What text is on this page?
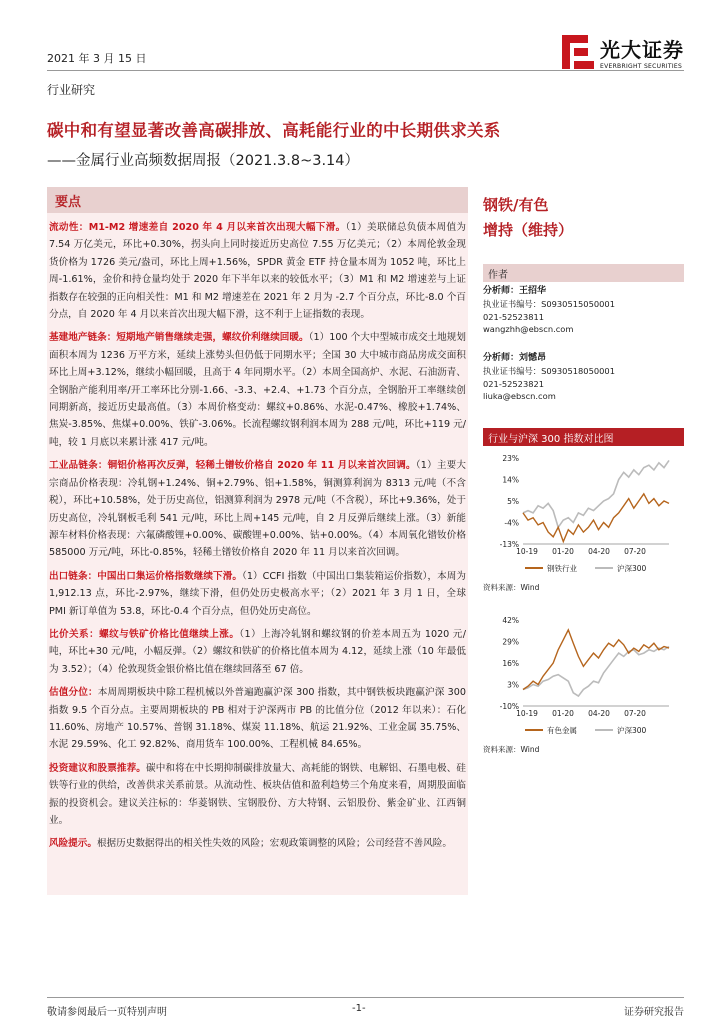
2021 年 3 月 15 日	光大证券
EVERBRIGHT SECURITIES
行业研究
碳中和有望显著改善高碳排放、高耗能行业的中长期供求关系
——金属行业高频数据周报（2021.3.8~3.14）
要点

流动性：M1-M2 增速差自 2020 年 4 月以来首次出现大幅下滑。（1）美联储总负债本周值为 7.54 万亿美元，环比+0.30%，拐头向上同时接近历史高位 7.55 万亿美元；（2）本周伦敦金现货价格为 1726 美元/盎司，环比上周+1.56%，SPDR 黄金 ETF 持仓量本周为 1052 吨，环比上周-1.61%，金价和持仓量均处于 2020 年下半年以来的较低水平；（3）M1 和 M2 增速差与上证指数存在较强的正向相关性：M1 和 M2 增速差在 2021 年 2 月为 -2.7 个百分点，环比-8.0 个百分点，自 2020 年 4 月以来首次出现大幅下滑，这不利于上证指数的表现。

基建地产链条：短期地产销售继续走强，螺纹价利继续回暖。（1）100 个大中型城市成交土地规划面积本周为 1236 万平方米，延续上涨势头但仍低于同期水平；全国 30 大中城市商品房成交面积环比上周+3.12%，继续小幅回暖，且高于 4 年同期水平。（2）本周全国高炉、水泥、石油沥青、全钢胎产能利用率/开工率环比分别-1.66、-3.3、+2.4、+1.73 个百分点，全钢胎开工率继续创同期新高，接近历史最高值。（3）本周价格变动：螺纹+0.86%、水泥-0.47%、橡胶+1.74%、焦炭-3.85%、焦煤+0.00%、铁矿-3.06%。长流程螺纹钢利润本周为 288 元/吨，环比+119 元/吨，较 1 月底以来累计涨 417 元/吨。

工业品链条：铜铝价格再次反弹，轻稀土镨钕价格自 2020 年 11 月以来首次回调。（1）主要大宗商品价格表现：冷轧钢+1.24%、铜+2.79%、铝+1.58%，铜测算利润为 8313 元/吨（不含税），环比+10.58%，处于历史高位，铝测算利润为 2978 元/吨（不含税），环比+9.36%，处于历史高位，冷轧钢板毛利 541 元/吨，环比上周+145 元/吨，自 2 月反弹后继续上涨。（3）新能源车材料价格表现：六氟磷酸锂+0.00%、碳酸锂+0.00%、钴+0.00%。（4）本周氧化镨钕价格 585000 万元/吨，环比-0.85%，轻稀土镨钕价格自 2020 年 11 月以来首次回调。

出口链条：中国出口集运价格指数继续下滑。（1）CCFI 指数（中国出口集装箱运价指数），本周为 1,912.13 点，环比-2.97%，继续下滑，但仍处历史极高水平；（2）2021 年 3 月 1 日，全球 PMI 新订单值为 53.8，环比-0.4 个百分点，但仍处历史高位。

比价关系：螺纹与铁矿价格比值继续上涨。（1）上海冷轧钢和螺纹钢的价差本周五为 1020 元/吨，环比+30 元/吨，小幅反弹。（2）螺纹和铁矿的价格比值本周为 4.12，延续上涨（10 年最低为 3.52）；（4）伦敦现货金银价格比值在继续回落至 67 倍。

估值分位：本周周期板块中除工程机械以外普遍跑赢沪深 300 指数，其中钢铁板块跑赢沪深 300 指数 9.5 个百分点。主要周期板块的 PB 相对于沪深两市 PB 的比值分位（2012 年以来）：石化 11.60%、房地产 10.57%、普钢 31.18%、煤炭 11.18%、航运 21.92%、工业金属 35.75%、水泥 29.59%、化工 92.82%、商用货车 100.00%、工程机械 84.65%。

投资建议和股票推荐。碳中和将在中长期抑制碳排放量大、高耗能的钢铁、电解铝、石墨电极、硅铁等行业的供给，改善供求关系前景。从流动性、板块估值和盈利趋势三个角度来看，周期股面临振的投资机会。建议关注标的：华菱钢铁、宝钢股份、方大特钢、云铝股份、紫金矿业、江西铜业。

风险提示。根据历史数据得出的相关性失效的风险；宏观政策调整的风险；公司经营不善风险。

钢铁/有色
增持（维持）
作者
分析师：王招华
执业证书编号：S0930515050001
021-52523811
wangzhh@ebscn.com
分析师：刘憾昂
执业证书编号：S0930518050001
021-52523821
liuka@ebscn.com
行业与沪深 300 指数对比图
23%
14%
5%
-4%
-13%
10-19 01-20 04-20 07-20
钢铁行业	沪深300
资料来源：Wind
42%
29%
16%
3%
-10%
10-19 01-20 04-20 07-20
有色金属	沪深300
资料来源：Wind
敬请参阅最后一页特别声明	-1-	证券研究报告
